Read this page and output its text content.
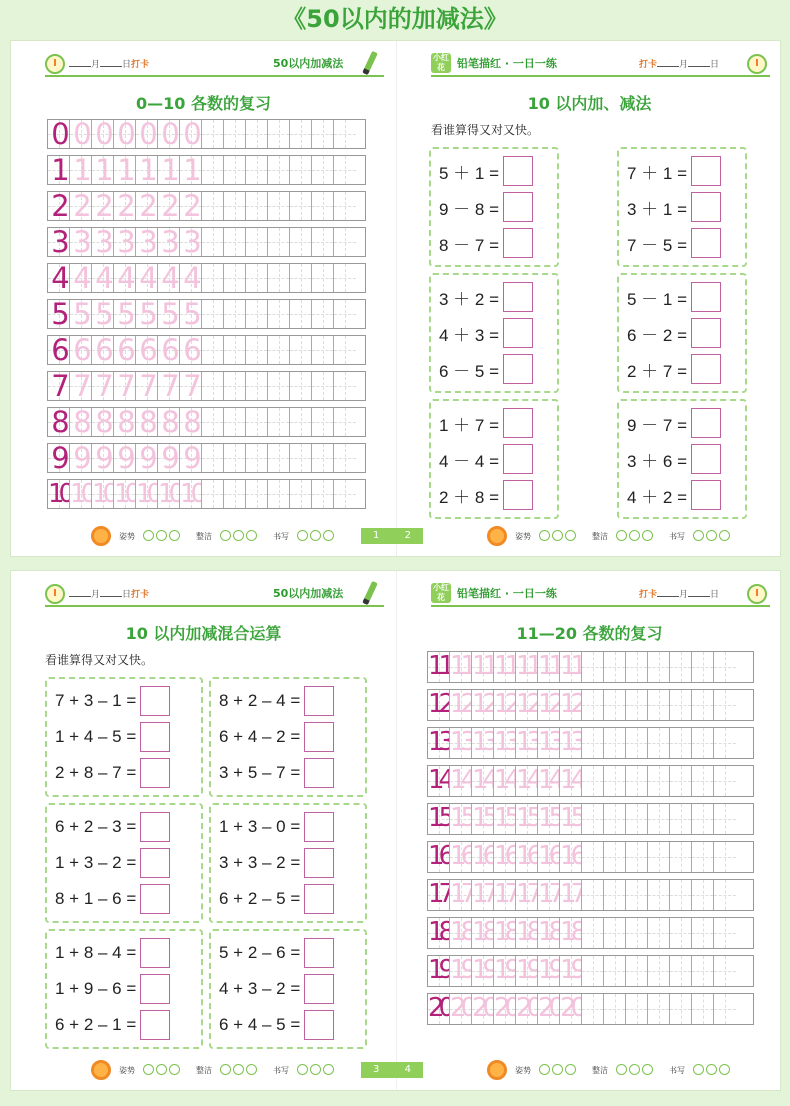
《50以内的加减法》
月 日打卡	50以内加减法
0—10 各数的复习
0 0 0 0 0 0 0
1 1 1 1 1 1 1
2 2 2 2 2 2 2
3 3 3 3 3 3 3
4 4 4 4 4 4 4
5 5 5 5 5 5 5
6 6 6 6 6 6 6
7 7 7 7 7 7 7
8 8 8 8 8 8 8
9 9 9 9 9 9 9
10 10 10 10 10 10 10
姿势	整洁	书写	1 2
小红花	铅笔描红 · 一日一练	打卡 月 日
10 以内加、减法
看谁算得又对又快。
5 ＋ 1 =
9 － 8 =
8 － 7 =
7 ＋ 1 =
3 ＋ 1 =
7 － 5 =
3 ＋ 2 =
4 ＋ 3 =
6 － 5 =
5 － 1 =
6 － 2 =
2 ＋ 7 =
1 ＋ 7 =
4 － 4 =
2 ＋ 8 =
9 － 7 =
3 ＋ 6 =
4 ＋ 2 =
姿势	整洁	书写
月 日打卡	50以内加减法
10 以内加减混合运算
看谁算得又对又快。
7 + 3 – 1 =
1 + 4 – 5 =
2 + 8 – 7 =
8 + 2 – 4 =
6 + 4 – 2 =
3 + 5 – 7 =
6 + 2 – 3 =
1 + 3 – 2 =
8 + 1 – 6 =
1 + 3 – 0 =
3 + 3 – 2 =
6 + 2 – 5 =
1 + 8 – 4 =
1 + 9 – 6 =
6 + 2 – 1 =
5 + 2 – 6 =
4 + 3 – 2 =
6 + 4 – 5 =
姿势	整洁	书写	3 4
小红花	铅笔描红 · 一日一练	打卡 月 日
11—20 各数的复习
11 11 11 11 11 11 11
12 12 12 12 12 12 12
13 13 13 13 13 13 13
14 14 14 14 14 14 14
15 15 15 15 15 15 15
16 16 16 16 16 16 16
17 17 17 17 17 17 17
18 18 18 18 18 18 18
19 19 19 19 19 19 19
20 20 20 20 20 20 20
姿势	整洁	书写
